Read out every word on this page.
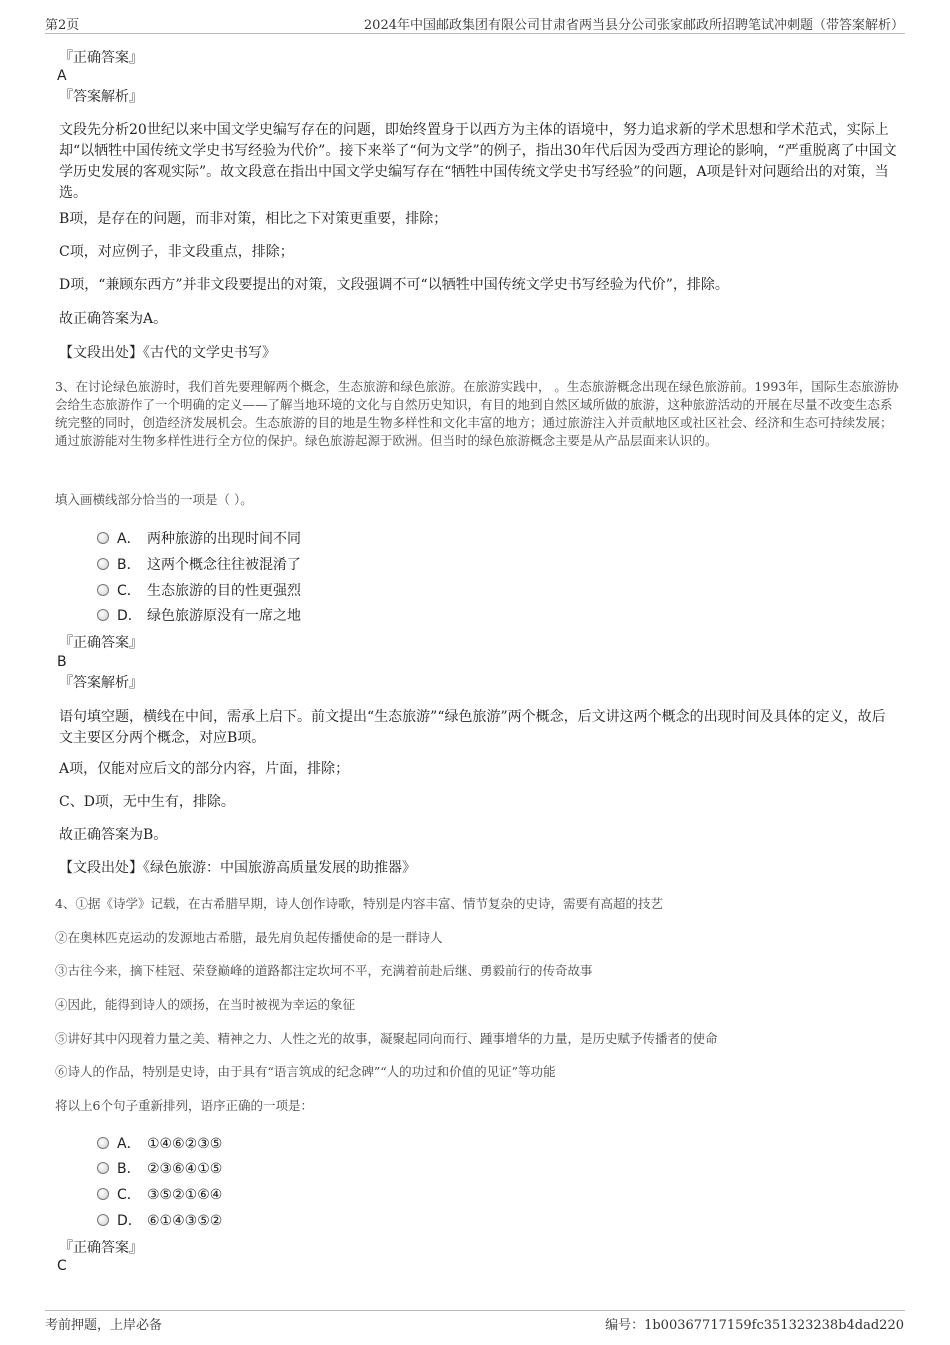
第2页	2024年中国邮政集团有限公司甘肃省两当县分公司张家邮政所招聘笔试冲刺题（带答案解析）
『正确答案』
A
『答案解析』
文段先分析20世纪以来中国文学史编写存在的问题，即始终置身于以西方为主体的语境中，努力追求新的学术思想和学术范式，实际上却“以牺牲中国传统文学史书写经验为代价”。接下来举了“何为文学”的例子，指出30年代后因为受西方理论的影响，“严重脱离了中国文学历史发展的客观实际”。故文段意在指出中国文学史编写存在“牺牲中国传统文学史书写经验”的问题，A项是针对问题给出的对策，当选。
B项，是存在的问题，而非对策，相比之下对策更重要，排除；
C项，对应例子，非文段重点，排除；
D项，“兼顾东西方”并非文段要提出的对策，文段强调不可“以牺牲中国传统文学史书写经验为代价”，排除。
故正确答案为A。
【文段出处】《古代的文学史书写》
3、在讨论绿色旅游时，我们首先要理解两个概念，生态旅游和绿色旅游。在旅游实践中， 。生态旅游概念出现在绿色旅游前。1993年，国际生态旅游协会给生态旅游作了一个明确的定义——了解当地环境的文化与自然历史知识，有目的地到自然区域所做的旅游，这种旅游活动的开展在尽量不改变生态系统完整的同时，创造经济发展机会。生态旅游的目的地是生物多样性和文化丰富的地方；通过旅游注入并贡献地区或社区社会、经济和生态可持续发展；通过旅游能对生物多样性进行全方位的保护。绿色旅游起源于欧洲。但当时的绿色旅游概念主要是从产品层面来认识的。
填入画横线部分恰当的一项是（ ）。
A． 两种旅游的出现时间不同
B． 这两个概念往往被混淆了
C． 生态旅游的目的性更强烈
D． 绿色旅游原没有一席之地
『正确答案』
B
『答案解析』
语句填空题，横线在中间，需承上启下。前文提出“生态旅游”“绿色旅游”两个概念，后文讲这两个概念的出现时间及具体的定义，故后文主要区分两个概念，对应B项。
A项，仅能对应后文的部分内容，片面，排除；
C、D项，无中生有，排除。
故正确答案为B。
【文段出处】《绿色旅游：中国旅游高质量发展的助推器》
4、①据《诗学》记载，在古希腊早期，诗人创作诗歌，特别是内容丰富、情节复杂的史诗，需要有高超的技艺
②在奥林匹克运动的发源地古希腊，最先肩负起传播使命的是一群诗人
③古往今来，摘下桂冠、荣登巅峰的道路都注定坎坷不平，充满着前赴后继、勇毅前行的传奇故事
④因此，能得到诗人的颂扬，在当时被视为幸运的象征
⑤讲好其中闪现着力量之美、精神之力、人性之光的故事，凝聚起同向而行、踵事增华的力量，是历史赋予传播者的使命
⑥诗人的作品，特别是史诗，由于具有“语言筑成的纪念碑”“人的功过和价值的见证”等功能
将以上6个句子重新排列，语序正确的一项是：
A． ①④⑥②③⑤
B． ②③⑥④①⑤
C． ③⑤②①⑥④
D． ⑥①④③⑤②
『正确答案』
C
考前押题，上岸必备	编号：1b00367717159fc351323238b4dad220
